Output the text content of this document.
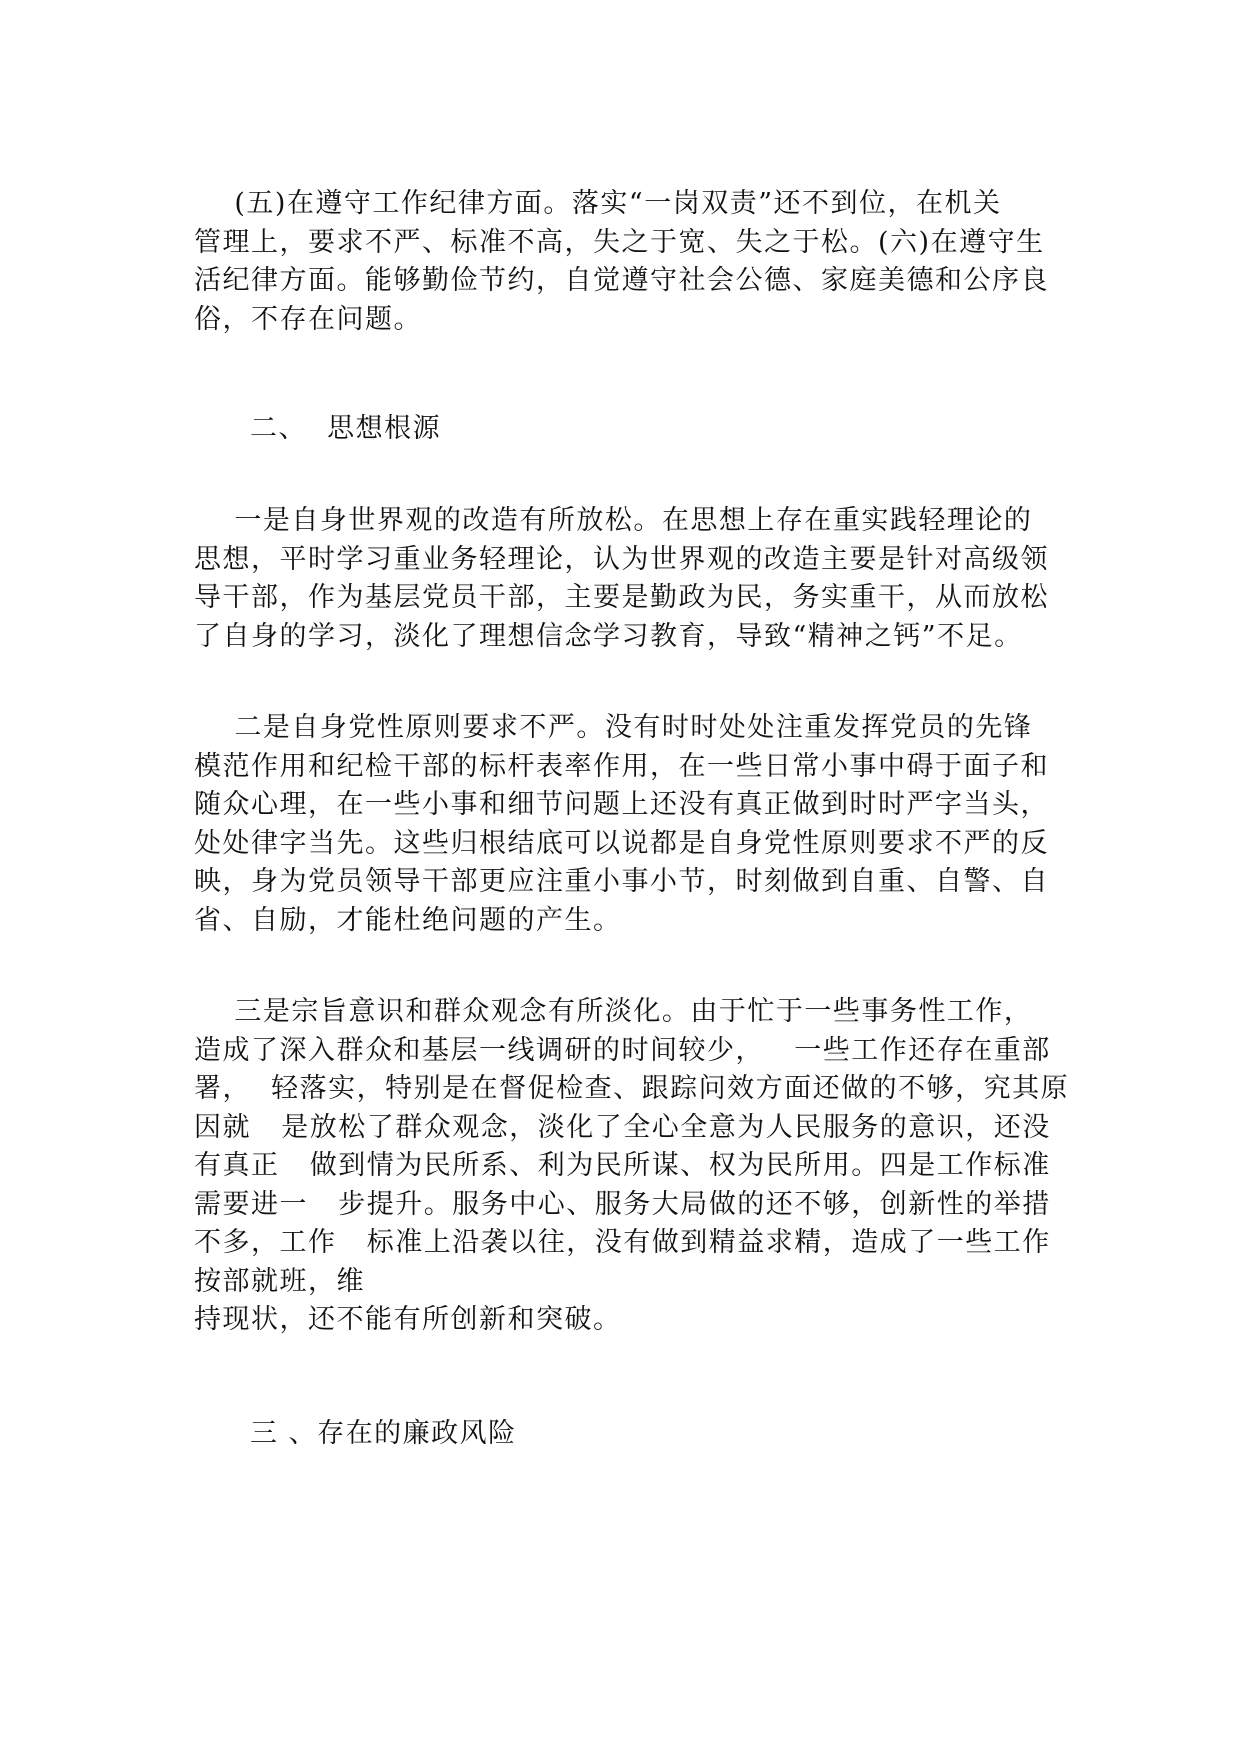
(五)在遵守工作纪律方面。落实“一岗双责”还不到位，在机关
管理上，要求不严、标准不高，失之于宽、失之于松。(六)在遵守生
活纪律方面。能够勤俭节约，自觉遵守社会公德、家庭美德和公序良
俗，不存在问题。
二、  思想根源
一是自身世界观的改造有所放松。在思想上存在重实践轻理论的
思想，平时学习重业务轻理论，认为世界观的改造主要是针对高级领
导干部，作为基层党员干部，主要是勤政为民，务实重干，从而放松
了自身的学习，淡化了理想信念学习教育，导致“精神之钙”不足。
二是自身党性原则要求不严。没有时时处处注重发挥党员的先锋
模范作用和纪检干部的标杆表率作用，在一些日常小事中碍于面子和
随众心理，在一些小事和细节问题上还没有真正做到时时严字当头，
处处律字当先。这些归根结底可以说都是自身党性原则要求不严的反
映，身为党员领导干部更应注重小事小节，时刻做到自重、自警、自
省、自励，才能杜绝问题的产生。
三是宗旨意识和群众观念有所淡化。由于忙于一些事务性工作，
造成了深入群众和基层一线调研的时间较少，   一些工作还存在重部
署，  轻落实，特别是在督促检查、跟踪问效方面还做的不够，究其原
因就   是放松了群众观念，淡化了全心全意为人民服务的意识，还没
有真正   做到情为民所系、利为民所谋、权为民所用。四是工作标准
需要进一   步提升。服务中心、服务大局做的还不够，创新性的举措
不多，工作   标准上沿袭以往，没有做到精益求精，造成了一些工作
按部就班，维
持现状，还不能有所创新和突破。
三 、存在的廉政风险
